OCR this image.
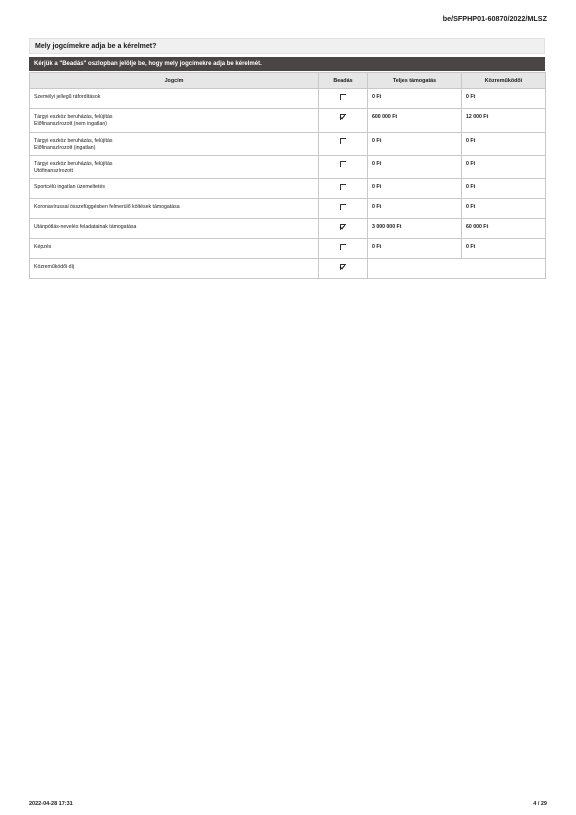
be/SFPHP01-60870/2022/MLSZ
Mely jogcímekre adja be a kérelmet?
Kérjük a "Beadás" oszlopban jelölje be, hogy mely jogcímekre adja be kérelmét.
Jogcím	Beadás	Teljes támogatás	Közreműködői

Személyi jellegű ráfordítások		0 Ft	0 Ft

Tárgyi eszköz beruházás, felújítás
Előfinanszírozott (nem ingatlan)		600 000 Ft	12 000 Ft

Tárgyi eszköz beruházás, felújítás
Előfinanszírozott (ingatlan)		0 Ft	0 Ft

Tárgyi eszköz beruházás, felújítás
Utófinanszírozott		0 Ft	0 Ft

Sportcélú ingatlan üzemeltetés		0 Ft	0 Ft

Koronavírussal összefüggésben felmerülő költések támogatása		0 Ft	0 Ft

Utánpótlás-nevelés feladatainak támogatása		3 000 000 Ft	60 000 Ft

Képzés		0 Ft	0 Ft

Közreműködői díj			

2022-04-28 17:31	4 / 29
